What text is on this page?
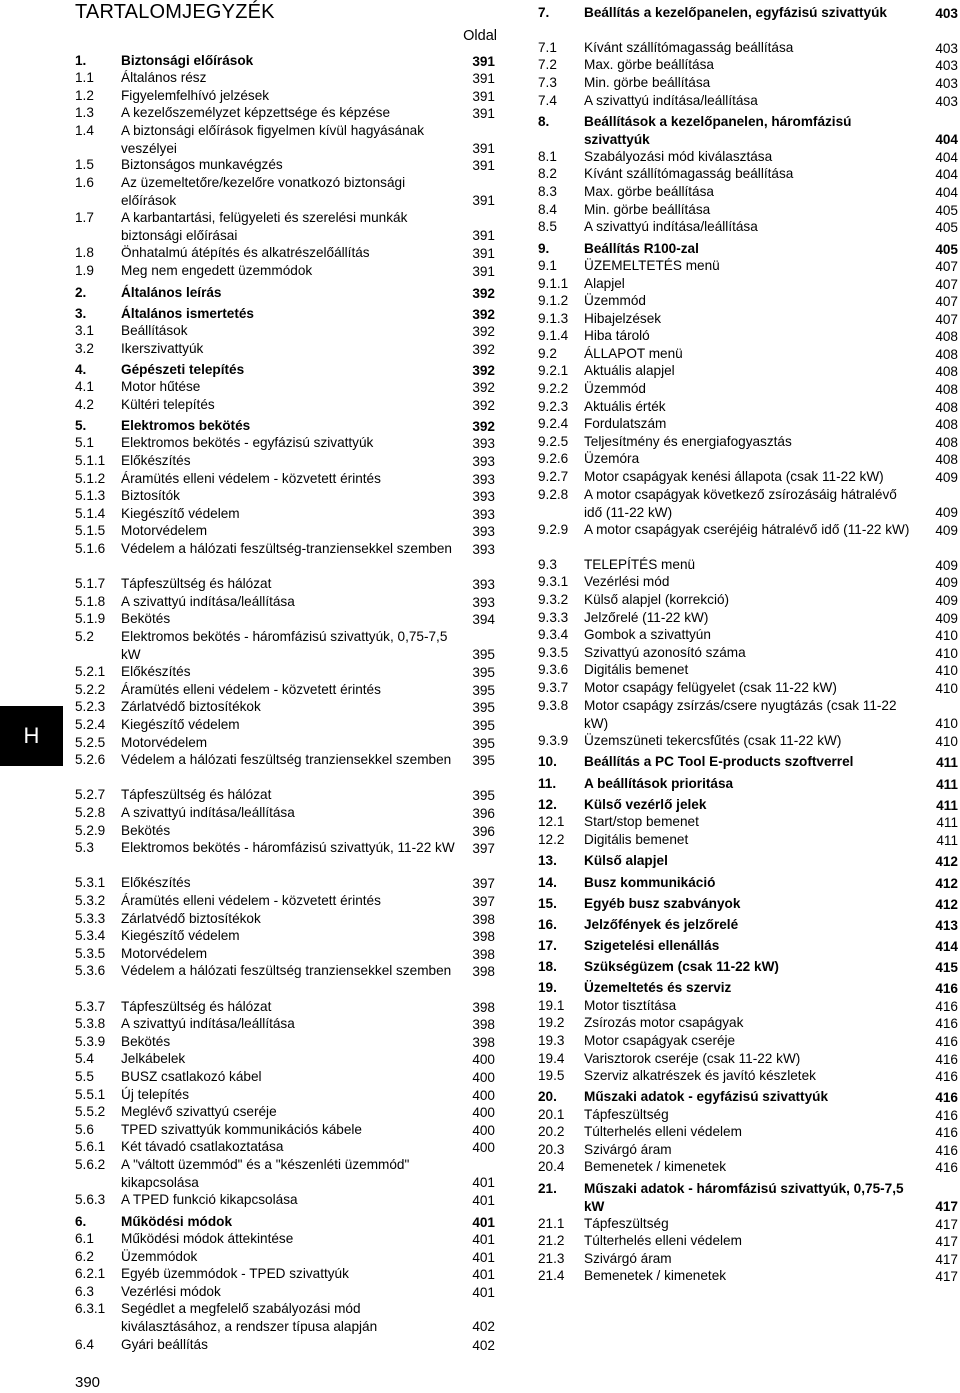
TARTALOMJEGYZÉK
Oldal
1.	Biztonsági előírások	391
1.1 Általános rész	391
1.2 Figyelemfelhívó jelzések	391
1.3 A kezelőszemélyzet képzettsége és képzése	391
1.4 A biztonsági előírások figyelmen kívül hagyásának veszélyei	391
1.5 Biztonságos munkavégzés	391
1.6 Az üzemeltetőre/kezelőre vonatkozó biztonsági előírások	391
1.7 A karbantartási, felügyeleti és szerelési munkák biztonsági előírásai	391
1.8 Önhatalmú átépítés és alkatrészelőállítás	391
1.9 Meg nem engedett üzemmódok	391
2.	Általános leírás	392
3.	Általános ismertetés	392
3.1 Beállítások	392
3.2 Ikerszivattyúk	392
4.	Gépészeti telepítés	392
4.1 Motor hűtése	392
4.2 Kültéri telepítés	392
5.	Elektromos bekötés	392
5.1 Elektromos bekötés - egyfázisú szivattyúk	393
5.1.1 Előkészítés	393
5.1.2 Áramütés elleni védelem - közvetett érintés	393
5.1.3 Biztosítók	393
5.1.4 Kiegészítő védelem	393
5.1.5 Motorvédelem	393
5.1.6 Védelem a hálózati feszültség-tranziensekkel szemben 393
5.1.7 Tápfeszültség és hálózat	393
5.1.8 A szivattyú indítása/leállítása	393
5.1.9 Bekötés	394
5.2 Elektromos bekötés - háromfázisú szivattyúk, 0,75-7,5 kW	395
5.2.1 Előkészítés	395
5.2.2 Áramütés elleni védelem - közvetett érintés	395
5.2.3 Zárlatvédő biztosítékok	395
5.2.4 Kiegészítő védelem	395
5.2.5 Motorvédelem	395
5.2.6 Védelem a hálózati feszültség tranziensekkel szemben 395
5.2.7 Tápfeszültség és hálózat	395
5.2.8 A szivattyú indítása/leállítása	396
5.2.9 Bekötés	396
5.3 Elektromos bekötés - háromfázisú szivattyúk, 11-22 kW 397
5.3.1 Előkészítés	397
5.3.2 Áramütés elleni védelem - közvetett érintés	397
5.3.3 Zárlatvédő biztosítékok	398
5.3.4 Kiegészítő védelem	398
5.3.5 Motorvédelem	398
5.3.6 Védelem a hálózati feszültség tranziensekkel szemben 398
5.3.7 Tápfeszültség és hálózat	398
5.3.8 A szivattyú indítása/leállítása	398
5.3.9 Bekötés	398
5.4 Jelkábelek	400
5.5 BUSZ csatlakozó kábel	400
5.5.1 Új telepítés	400
5.5.2 Meglévő szivattyú cseréje	400
5.6 TPED szivattyúk kommunikációs kábele	400
5.6.1 Két távadó csatlakoztatása	400
5.6.2 A "váltott üzemmód" és a "készenléti üzemmód" kikapcsolása	401
5.6.3 A TPED funkció kikapcsolása	401
6.	Működési módok	401
6.1 Működési módok áttekintése	401
6.2 Üzemmódok	401
6.2.1 Egyéb üzemmódok - TPED szivattyúk	401
6.3 Vezérlési módok	401
6.3.1 Segédlet a megfelelő szabályozási mód kiválasztásához, a rendszer típusa alapján	402
6.4 Gyári beállítás	402
7.	Beállítás a kezelőpanelen, egyfázisú szivattyúk	403
7.1 Kívánt szállítómagasság beállítása	403
7.2 Max. görbe beállítása	403
7.3 Min. görbe beállítása	403
7.4 A szivattyú indítása/leállítása	403
8.	Beállítások a kezelőpanelen, háromfázisú szivattyúk	404
8.1 Szabályozási mód kiválasztása	404
8.2 Kívánt szállítómagasság beállítása	404
8.3 Max. görbe beállítása	404
8.4 Min. görbe beállítása	405
8.5 A szivattyú indítása/leállítása	405
9.	Beállítás R100-zal	405
9.1 ÜZEMELTETÉS menü	407
9.1.1 Alapjel	407
9.1.2 Üzemmód	407
9.1.3 Hibajelzések	407
9.1.4 Hiba tároló	408
9.2 ÁLLAPOT menü	408
9.2.1 Aktuális alapjel	408
9.2.2 Üzemmód	408
9.2.3 Aktuális érték	408
9.2.4 Fordulatszám	408
9.2.5 Teljesítmény és energiafogyasztás	408
9.2.6 Üzemóra	408
9.2.7 Motor csapágyak kenési állapota (csak 11-22 kW)	409
9.2.8 A motor csapágyak következő zsírozásáig hátralévő idő (11-22 kW)	409
9.2.9 A motor csapágyak cseréjéig hátralévő idő (11-22 kW)	409
9.3 TELEPÍTÉS menü	409
9.3.1 Vezérlési mód	409
9.3.2 Külső alapjel (korrekció)	409
9.3.3 Jelzőrelé (11-22 kW)	409
9.3.4 Gombok a szivattyún	410
9.3.5 Szivattyú azonosító száma	410
9.3.6 Digitális bemenet	410
9.3.7 Motor csapágy felügyelet (csak 11-22 kW)	410
9.3.8 Motor csapágy zsírzás/csere nyugtázás (csak 11-22 kW)	410
9.3.9 Üzemszüneti tekercsfűtés (csak 11-22 kW)	410
10. Beállítás a PC Tool E-products szoftverrel	411
11. A beállítások prioritása	411
12. Külső vezérlő jelek	411
12.1 Start/stop bemenet	411
12.2 Digitális bemenet	411
13. Külső alapjel	412
14. Busz kommunikáció	412
15. Egyéb busz szabványok	412
16. Jelzőfények és jelzőrelé	413
17. Szigetelési ellenállás	414
18. Szükségüzem (csak 11-22 kW)	415
19. Üzemeltetés és szerviz	416
19.1 Motor tisztítása	416
19.2 Zsírozás motor csapágyak	416
19.3 Motor csapágyak cseréje	416
19.4 Varisztorok cseréje (csak 11-22 kW)	416
19.5 Szerviz alkatrészek és javító készletek	416
20. Műszaki adatok - egyfázisú szivattyúk	416
20.1 Tápfeszültség	416
20.2 Túlterhelés elleni védelem	416
20.3 Szivárgó áram	416
20.4 Bemenetek / kimenetek	416
21. Műszaki adatok - háromfázisú szivattyúk, 0,75-7,5 kW	417
21.1 Tápfeszültség	417
21.2 Túlterhelés elleni védelem	417
21.3 Szivárgó áram	417
21.4 Bemenetek / kimenetek	417
H
390
